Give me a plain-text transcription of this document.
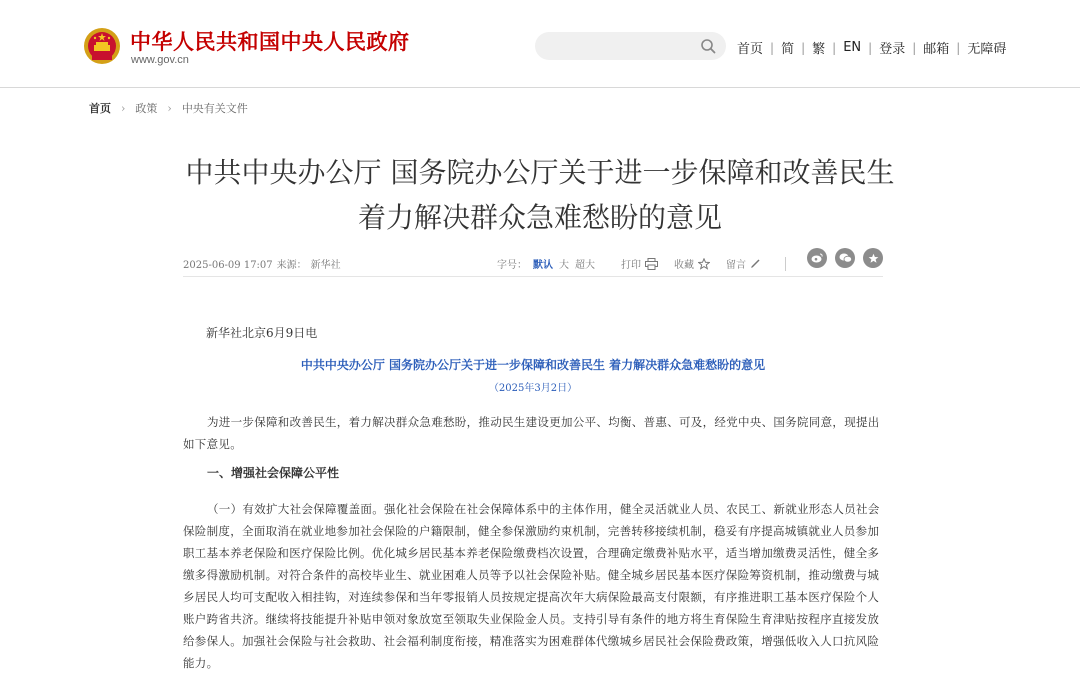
中华人民共和国中央人民政府
www.gov.cn
首页 | 简 | 繁 | EN | 登录 | 邮箱 | 无障碍
首页 › 政策 › 中央有关文件
中共中央办公厅 国务院办公厅关于进一步保障和改善民生 着力解决群众急难愁盼的意见
2025-06-09 17:07 来源： 新华社	字号： 默认 大 超大	打印	收藏	留言
新华社北京6月9日电
中共中央办公厅 国务院办公厅关于进一步保障和改善民生 着力解决群众急难愁盼的意见
（2025年3月2日）

为进一步保障和改善民生，着力解决群众急难愁盼，推动民生建设更加公平、均衡、普惠、可及，经党中央、国务院同意，现提出如下意见。

一、增强社会保障公平性

（一）有效扩大社会保障覆盖面。强化社会保险在社会保障体系中的主体作用，健全灵活就业人员、农民工、新就业形态人员社会保险制度，全面取消在就业地参加社会保险的户籍限制，健全参保激励约束机制，完善转移接续机制，稳妥有序提高城镇就业人员参加职工基本养老保险和医疗保险比例。优化城乡居民基本养老保险缴费档次设置，合理确定缴费补贴水平，适当增加缴费灵活性，健全多缴多得激励机制。对符合条件的高校毕业生、就业困难人员等予以社会保险补贴。健全城乡居民基本医疗保险筹资机制，推动缴费与城乡居民人均可支配收入相挂钩，对连续参保和当年零报销人员按规定提高次年大病保险最高支付限额，有序推进职工基本医疗保险个人账户跨省共济。继续将技能提升补贴申领对象放宽至领取失业保险金人员。支持引导有条件的地方将生育保险生育津贴按程序直接发放给参保人。加强社会保险与社会救助、社会福利制度衔接，精准落实为困难群体代缴城乡居民社会保险费政策，增强低收入人口抗风险能力。
